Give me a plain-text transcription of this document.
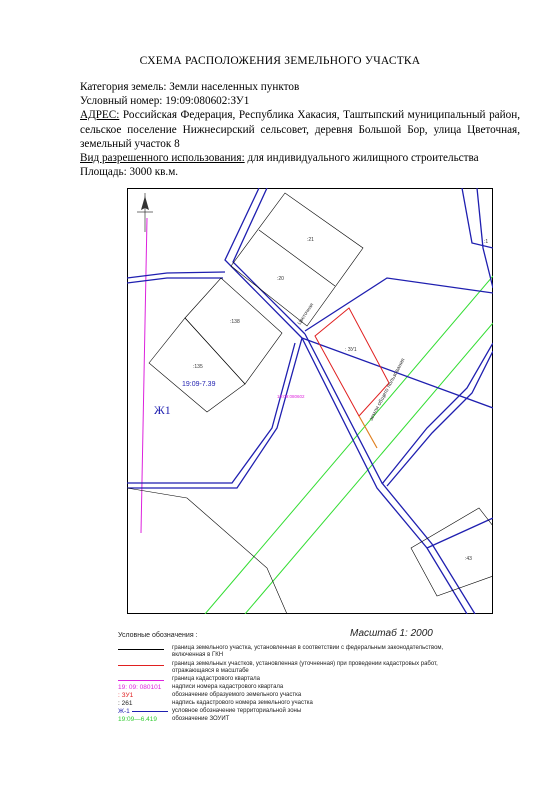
СХЕМА РАСПОЛОЖЕНИЯ ЗЕМЕЛЬНОГО УЧАСТКА
Категория земель: Земли населенных пунктов
Условный номер: 19:09:080602:ЗУ1
АДРЕС: Российская Федерация, Республика Хакасия, Таштыпский муниципальный район, сельское поселение Нижнесирский сельсовет, деревня Большой Бор, улица Цветочная, земельный участок 8
Вид разрешенного использования: для индивидуального жилищного строительства
Площадь: 3000 кв.м.
:21
:20
:138
:135
: ЗУ1
:43
:1
19:09-7.39
19:09:080602
Цветочная
земли общего пользования
Ж1
Условные обозначения :	Масштаб 1: 2000
граница земельного участка, установленная в соответствии с федеральным законодательством, включенная в ГКН
граница земельных участков, установленная (уточненная) при проведении кадастровых работ, отражающаяся в масштабе
граница кадастрового квартала
19: 09: 080101 надписи номера кадастрового квартала
: ЗУ1	обозначение образуемого земельного участка
: 261	надпись кадастрового номера земельного участка
Ж-1	условное обозначение территориальной зоны
19:09—6.419 обозначение ЗОУИТ
